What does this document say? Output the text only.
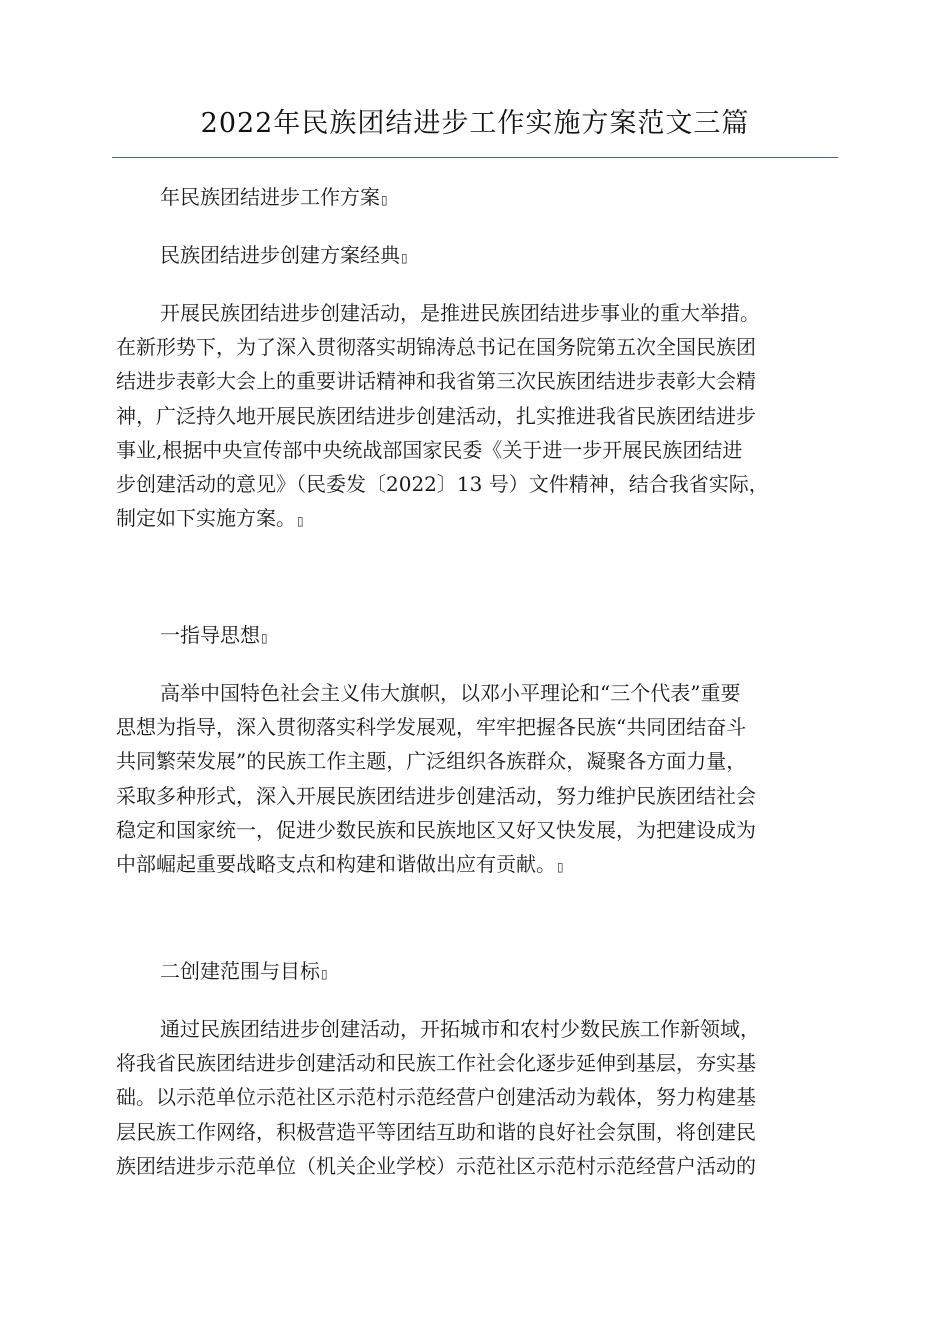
2022年民族团结进步工作实施方案范文三篇

年民族团结进步工作方案▯

民族团结进步创建方案经典▯

开展民族团结进步创建活动，是推进民族团结进步事业的重大举措。
在新形势下，为了深入贯彻落实胡锦涛总书记在国务院第五次全国民族团
结进步表彰大会上的重要讲话精神和我省第三次民族团结进步表彰大会精
神，广泛持久地开展民族团结进步创建活动，扎实推进我省民族团结进步
事业,根据中央宣传部中央统战部国家民委《关于进一步开展民族团结进
步创建活动的意见》（民委发〔2022〕13 号）文件精神，结合我省实际，
制定如下实施方案。▯

一指导思想▯

高举中国特色社会主义伟大旗帜，以邓小平理论和“三个代表”重要
思想为指导，深入贯彻落实科学发展观，牢牢把握各民族“共同团结奋斗
共同繁荣发展”的民族工作主题，广泛组织各族群众，凝聚各方面力量，
采取多种形式，深入开展民族团结进步创建活动，努力维护民族团结社会
稳定和国家统一，促进少数民族和民族地区又好又快发展，为把建设成为
中部崛起重要战略支点和构建和谐做出应有贡献。▯

二创建范围与目标▯

通过民族团结进步创建活动，开拓城市和农村少数民族工作新领域，
将我省民族团结进步创建活动和民族工作社会化逐步延伸到基层，夯实基
础。以示范单位示范社区示范村示范经营户创建活动为载体，努力构建基
层民族工作网络，积极营造平等团结互助和谐的良好社会氛围，将创建民
族团结进步示范单位（机关企业学校）示范社区示范村示范经营户活动的
